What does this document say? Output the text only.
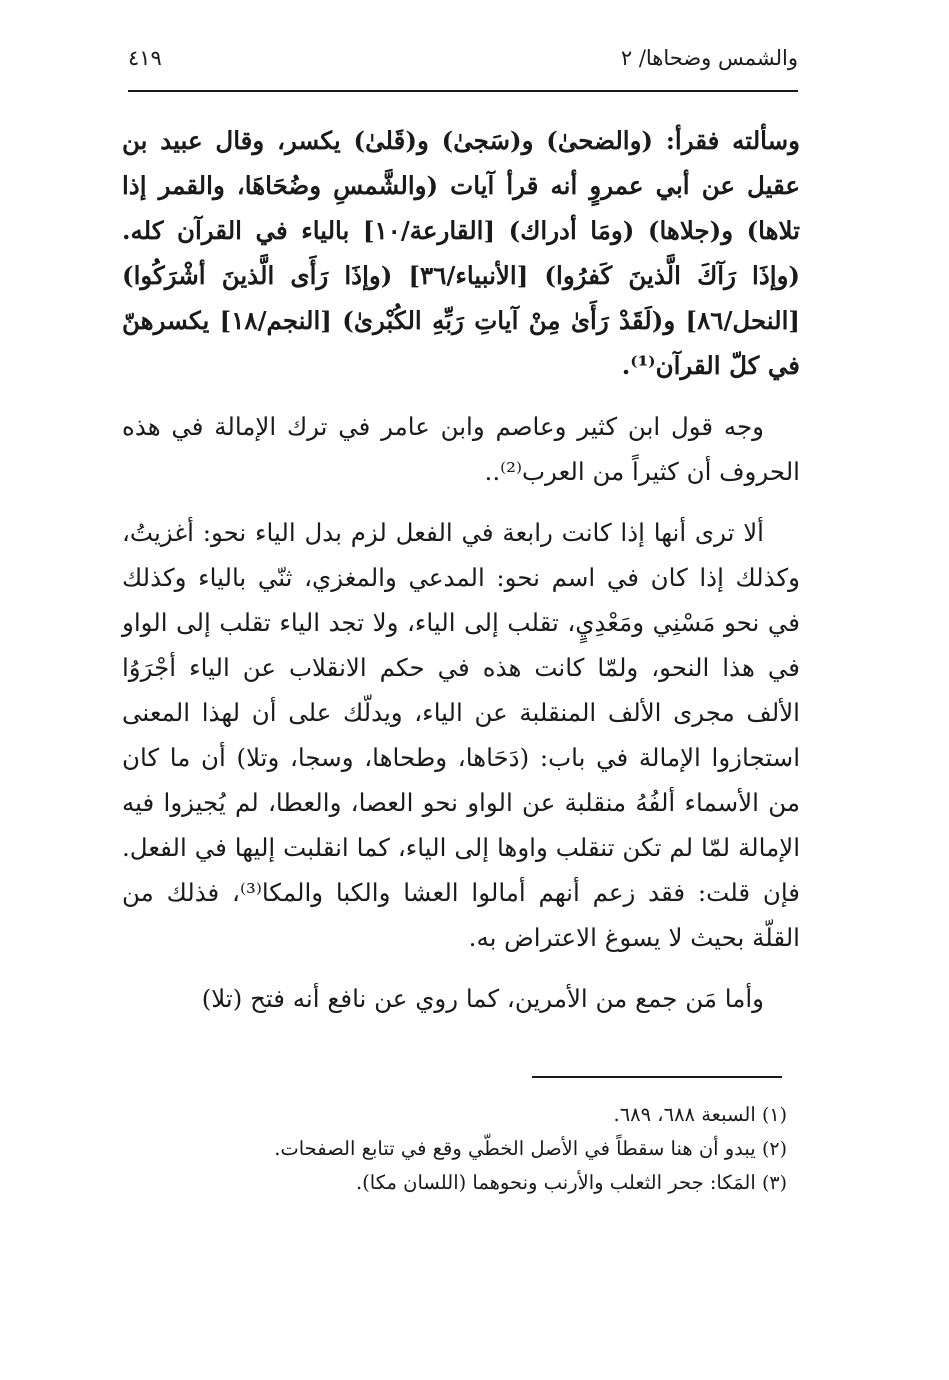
والشمس وضحاها/ ٢
٤١٩

وسألته فقرأ: (والضحىٰ) و(سَجىٰ) و(قَلىٰ) يكسر، وقال عبيد بن عقيل عن أبي عمروٍ أنه قرأ آيات (والشَّمسِ وضُحَاهَا، والقمر إذا تلاها) و(جلاها) (ومَا أدراك) [القارعة/١٠] بالياء في القرآن كله. (وإذَا رَآكَ الَّذينَ كَفرُوا) [الأنبياء/٣٦] (وإذَا رَأَى الَّذينَ أشْرَكُوا) [النحل/٨٦] و(لَقَدْ رَأَىٰ مِنْ آياتِ رَبِّهِ الكُبْرىٰ) [النجم/١٨] يكسرهنّ في كلّ القرآن⁽¹⁾.

وجه قول ابن كثير وعاصم وابن عامر في ترك الإمالة في هذه الحروف أن كثيراً من العرب⁽²⁾..

ألا ترى أنها إذا كانت رابعة في الفعل لزم بدل الياء نحو: أغزيتُ، وكذلك إذا كان في اسم نحو: المدعي والمغزي، ثنّي بالياء وكذلك في نحو مَسْنِي ومَعْدِيٍ، تقلب إلى الياء، ولا تجد الياء تقلب إلى الواو في هذا النحو، ولمّا كانت هذه في حكم الانقلاب عن الياء أجْرَوُا الألف مجرى الألف المنقلبة عن الياء، ويدلّك على أن لهذا المعنى استجازوا الإمالة في باب: (دَحَاها، وطحاها، وسجا، وتلا) أن ما كان من الأسماء ألفُهُ منقلبة عن الواو نحو العصا، والعطا، لم يُجيزوا فيه الإمالة لمّا لم تكن تنقلب واوها إلى الياء، كما انقلبت إليها في الفعل. فإن قلت: فقد زعم أنهم أمالوا العشا والكبا والمكا⁽³⁾، فذلك من القلّة بحيث لا يسوغ الاعتراض به.

وأما مَن جمع من الأمرين، كما روي عن نافع أنه فتح (تلا)

(١) السبعة ٦٨٨، ٦٨٩.

(٢) يبدو أن هنا سقطاً في الأصل الخطّي وقع في تتابع الصفحات.

(٣) المَكا: جحر الثعلب والأرنب ونحوهما (اللسان مكا).
